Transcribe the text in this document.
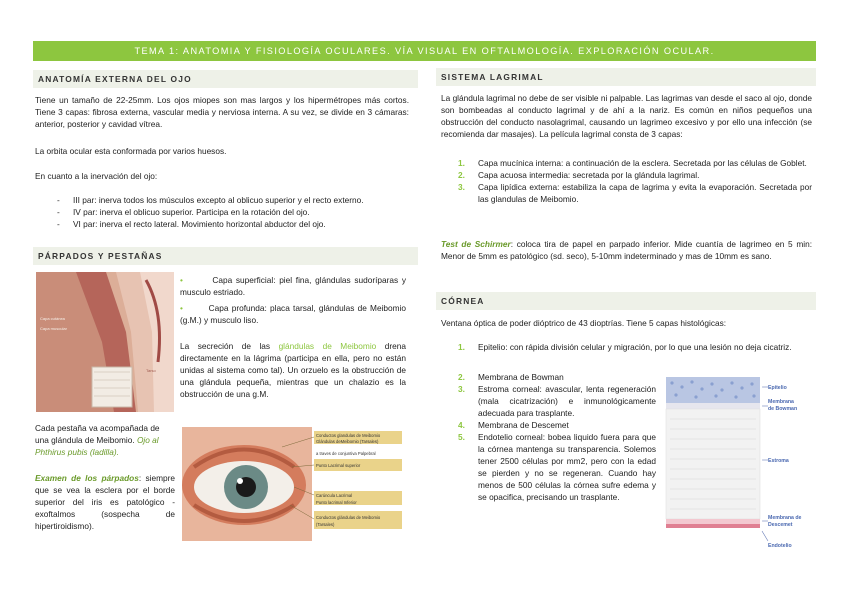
TEMA 1: ANATOMIA Y FISIOLOGÍA OCULARES. VÍA VISUAL EN OFTALMOLOGÍA. EXPLORACIÓN OCULAR.
ANATOMÍA EXTERNA DEL OJO

Tiene un tamaño de 22-25mm. Los ojos miopes son mas largos y los hipermétropes más cortos. Tiene 3 capas: fibrosa externa, vascular media y nerviosa interna. A su vez, se divide en 3 cámaras: anterior, posterior y cavidad vítrea.

La orbita ocular esta conformada por varios huesos.

En cuanto a la inervación del ojo:

- III par: inerva todos los músculos excepto al oblicuo superior y el recto externo.
- IV par: inerva el oblicuo superior. Participa en la rotación del ojo.
- VI par: inerva el recto lateral. Movimiento horizontal abductor del ojo.
PÁRPADOS Y PESTAÑAS
Capa cutánea
Capa muscular
Tarso

•	Capa superficial: piel fina, glándulas sudoríparas y musculo estriado.

•	Capa profunda: placa tarsal, glándulas de Meibomio (g.M.) y musculo liso.

La secreción de las glándulas de Meibomio drena directamente en la lágrima (participa en ella, pero no están unidas al sistema como tal). Un orzuelo es la obstrucción de una glándula pequeña, mientras que un chalazio es la obstrucción de una g.M.

Cada pestaña va acompañada de una glándula de Meibomio. Ojo al Phthirus pubis (ladilla).

Examen de los párpados: siempre que se vea la esclera por el borde superior del iris es patológico - exoftalmos (sospecha de hipertiroidismo).

Conductos glandulas de Meibomio
Glándulas deMeibomio (Tarsales)
a traves de conjuntiva Palpebral
Punto Lacrimal superior
Carúncula Lacrimal
Punto lacrimal Inferior
Conductos glándulas de Meibomio
(Tarsales)
SISTEMA LAGRIMAL

La glándula lagrimal no debe de ser visible ni palpable. Las lagrimas van desde el saco al ojo, donde son bombeadas al conducto lagrimal y de ahí a la nariz. Es común en niños pequeños una obstrucción del conducto nasolagrimal, causando un lagrimeo excesivo y por ello una infección (se recomienda dar masajes). La película lagrimal consta de 3 capas:

1. Capa mucínica interna: a continuación de la esclera. Secretada por las células de Goblet.
2. Capa acuosa intermedia: secretada por la glándula lagrimal.
3. Capa lipídica externa: estabiliza la capa de lagrima y evita la evaporación. Secretada por las glandulas de Meibomio.

Test de Schirmer: coloca tira de papel en parpado inferior. Mide cuantía de lagrimeo en 5 min: Menor de 5mm es patológico (sd. seco), 5-10mm indeterminado y mas de 10mm es sano.

CÓRNEA

Ventana óptica de poder dióptrico de 43 dioptrías. Tiene 5 capas histológicas:

1. Epitelio: con rápida división celular y migración, por lo que una lesión no deja cicatriz.
2. Membrana de Bowman
3. Estroma corneal: avascular, lenta regeneración (mala cicatrización) e inmunológicamente adecuada para trasplante.
4. Membrana de Descemet
5. Endotelio corneal: bobea liquido fuera para que la córnea mantenga su transparencia. Solemos tener 2500 células por mm2, pero con la edad se pierden y no se regeneran. Cuando hay menos de 500 células la córnea sufre edema y se opacifica, precisando un trasplante.
Epitelio
Membrana
de Bowman
Estroma
Membrana de
Descemet
Endotelio
